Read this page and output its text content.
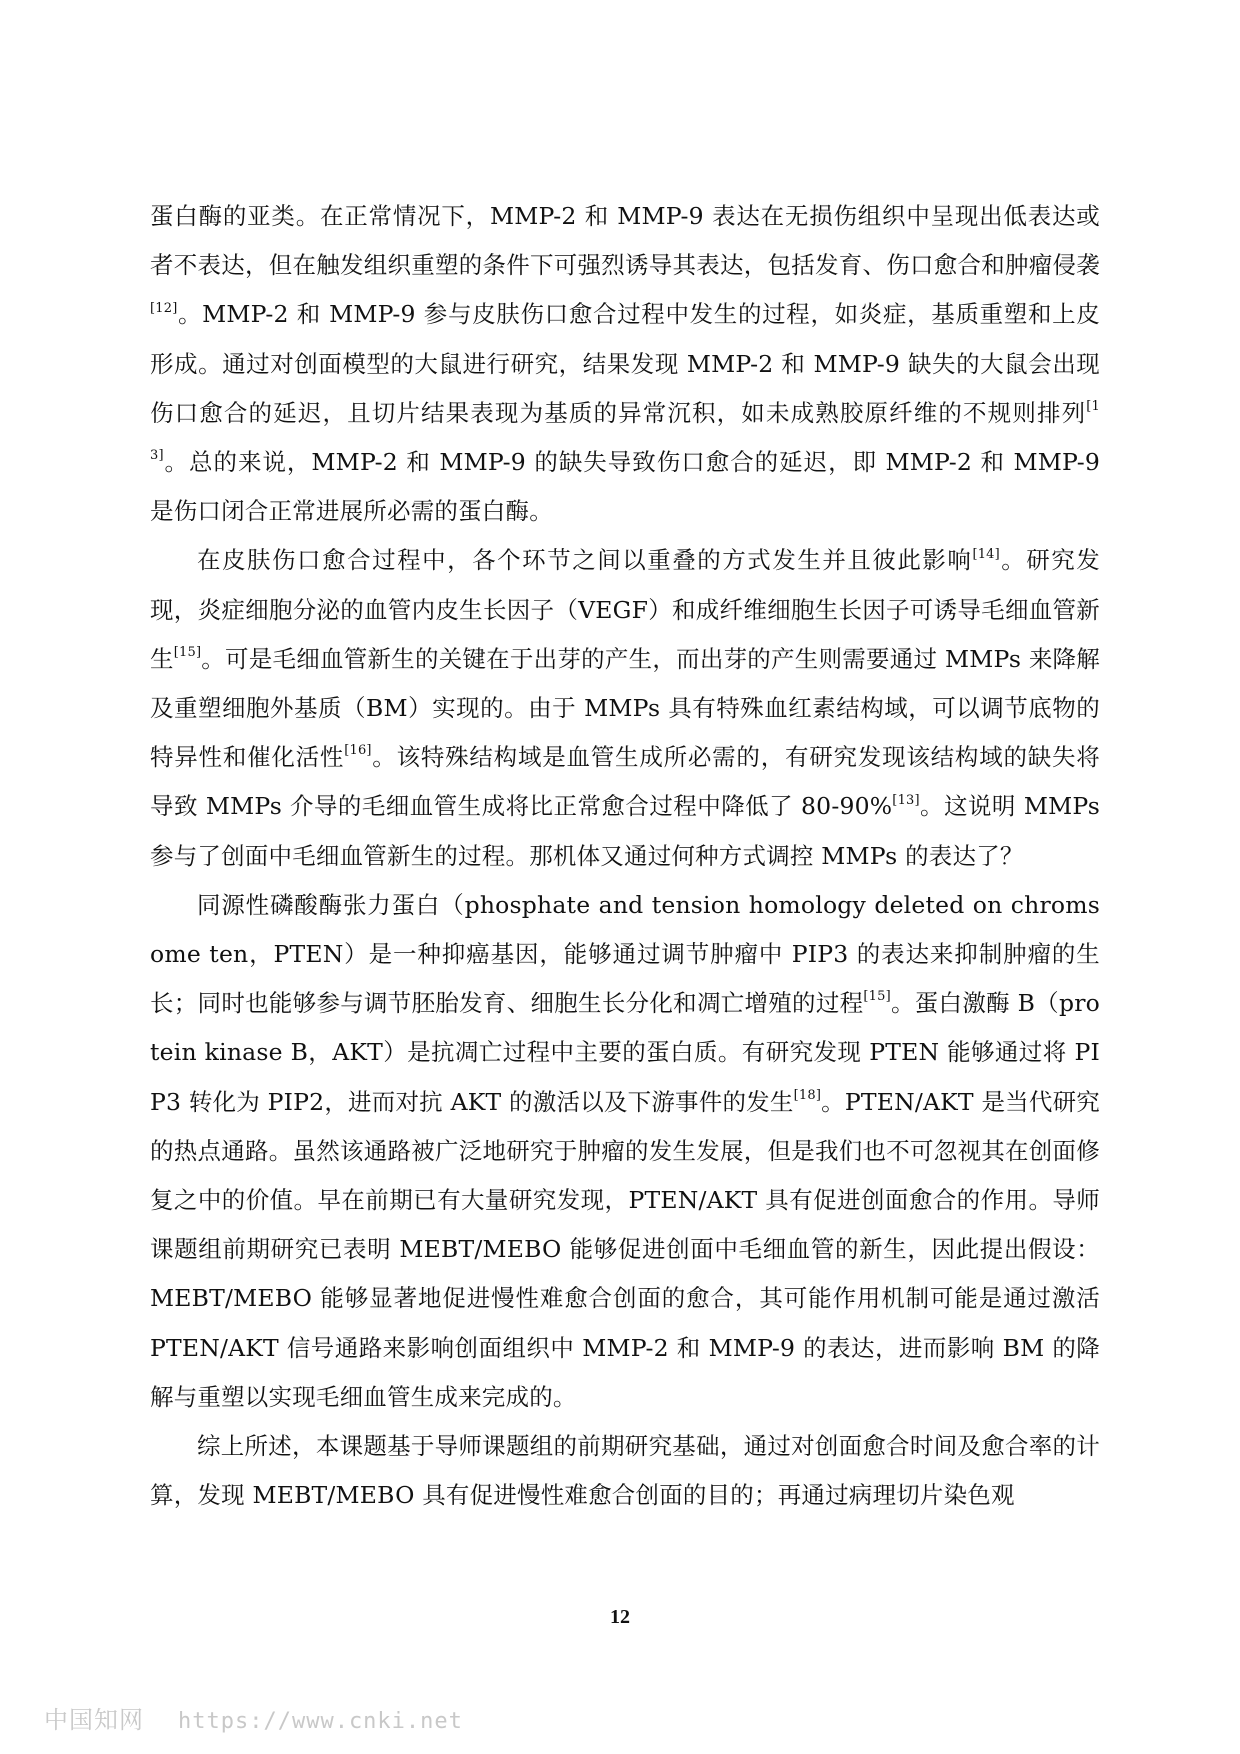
蛋白酶的亚类。在正常情况下，MMP-2 和 MMP-9 表达在无损伤组织中呈现出低表达或者不表达，但在触发组织重塑的条件下可强烈诱导其表达，包括发育、伤口愈合和肿瘤侵袭[12]。MMP-2 和 MMP-9 参与皮肤伤口愈合过程中发生的过程，如炎症，基质重塑和上皮形成。通过对创面模型的大鼠进行研究，结果发现 MMP-2 和 MMP-9 缺失的大鼠会出现伤口愈合的延迟，且切片结果表现为基质的异常沉积，如未成熟胶原纤维的不规则排列[13]。总的来说，MMP-2 和 MMP-9 的缺失导致伤口愈合的延迟，即 MMP-2 和 MMP-9 是伤口闭合正常进展所必需的蛋白酶。

在皮肤伤口愈合过程中，各个环节之间以重叠的方式发生并且彼此影响[14]。研究发现，炎症细胞分泌的血管内皮生长因子（VEGF）和成纤维细胞生长因子可诱导毛细血管新生[15]。可是毛细血管新生的关键在于出芽的产生，而出芽的产生则需要通过 MMPs 来降解及重塑细胞外基质（BM）实现的。由于 MMPs 具有特殊血红素结构域，可以调节底物的特异性和催化活性[16]。该特殊结构域是血管生成所必需的，有研究发现该结构域的缺失将导致 MMPs 介导的毛细血管生成将比正常愈合过程中降低了 80-90%[13]。这说明 MMPs 参与了创面中毛细血管新生的过程。那机体又通过何种方式调控 MMPs 的表达了？

同源性磷酸酶张力蛋白（phosphate and tension homology deleted on chromsome ten，PTEN）是一种抑癌基因，能够通过调节肿瘤中 PIP3 的表达来抑制肿瘤的生长；同时也能够参与调节胚胎发育、细胞生长分化和凋亡增殖的过程[15]。蛋白激酶 B（protein kinase B，AKT）是抗凋亡过程中主要的蛋白质。有研究发现 PTEN 能够通过将 PIP3 转化为 PIP2，进而对抗 AKT 的激活以及下游事件的发生[18]。PTEN/AKT 是当代研究的热点通路。虽然该通路被广泛地研究于肿瘤的发生发展，但是我们也不可忽视其在创面修复之中的价值。早在前期已有大量研究发现，PTEN/AKT 具有促进创面愈合的作用。导师课题组前期研究已表明 MEBT/MEBO 能够促进创面中毛细血管的新生，因此提出假设：MEBT/MEBO 能够显著地促进慢性难愈合创面的愈合，其可能作用机制可能是通过激活 PTEN/AKT 信号通路来影响创面组织中 MMP-2 和 MMP-9 的表达，进而影响 BM 的降解与重塑以实现毛细血管生成来完成的。

综上所述，本课题基于导师课题组的前期研究基础，通过对创面愈合时间及愈合率的计算，发现 MEBT/MEBO 具有促进慢性难愈合创面的目的；再通过病理切片染色观

12
中国知网 https://www.cnki.net
